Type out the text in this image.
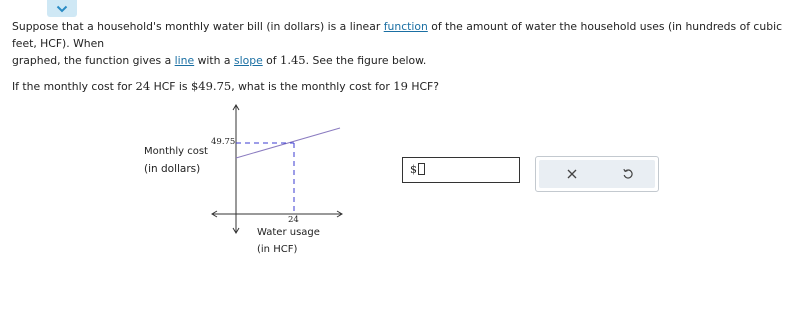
Suppose that a household's monthly water bill (in dollars) is a linear function of the amount of water the household uses (in hundreds of cubic feet, HCF). When
graphed, the function gives a line with a slope of 1.45. See the figure below.

If the monthly cost for 24 HCF is $49.75, what is the monthly cost for 19 HCF?

49.75
24
Monthly cost
(in dollars)
Water usage
(in HCF)
$
